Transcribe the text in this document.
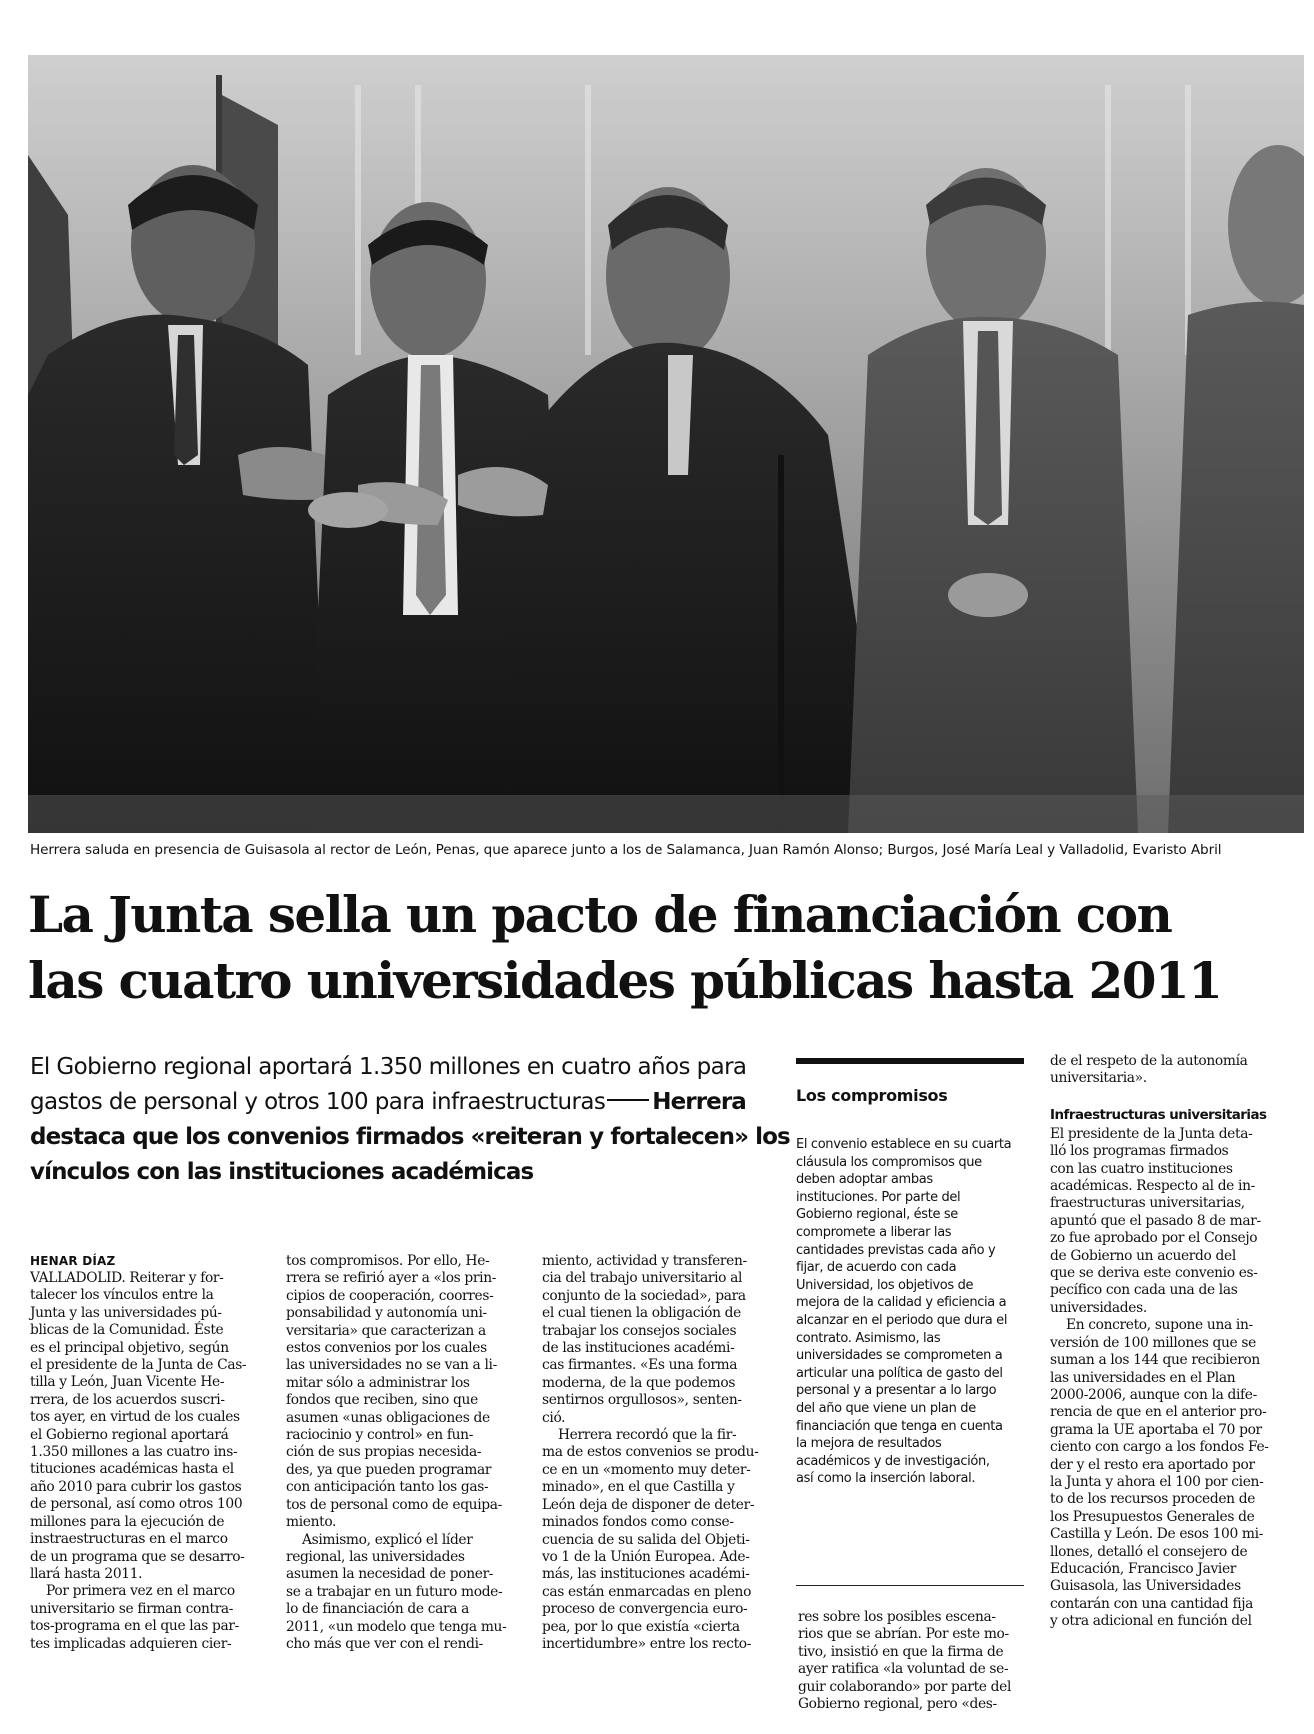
Herrera saluda en presencia de Guisasola al rector de León, Penas, que aparece junto a los de Salamanca, Juan Ramón Alonso; Burgos, José María Leal y Valladolid, Evaristo Abril
La Junta sella un pacto de financiación con
las cuatro universidades públicas hasta 2011
El Gobierno regional aportará 1.350 millones en cuatro años para
gastos de personal y otros 100 para infraestructuras Herrera
destaca que los convenios firmados «reiteran y fortalecen» los
vínculos con las instituciones académicas
HENAR DÍAZ
VALLADOLID. Reiterar y for-
talecer los vínculos entre la
Junta y las universidades pú-
blicas de la Comunidad. Éste
es el principal objetivo, según
el presidente de la Junta de Cas-
tilla y León, Juan Vicente He-
rrera, de los acuerdos suscri-
tos ayer, en virtud de los cuales
el Gobierno regional aportará
1.350 millones a las cuatro ins-
tituciones académicas hasta el
año 2010 para cubrir los gastos
de personal, así como otros 100
millones para la ejecución de
instraestructuras en el marco
de un programa que se desarro-
llará hasta 2011.
Por primera vez en el marco
universitario se firman contra-
tos-programa en el que las par-
tes implicadas adquieren cier-
tos compromisos. Por ello, He-
rrera se refirió ayer a «los prin-
cipios de cooperación, coorres-
ponsabilidad y autonomía uni-
versitaria» que caracterizan a
estos convenios por los cuales
las universidades no se van a li-
mitar sólo a administrar los
fondos que reciben, sino que
asumen «unas obligaciones de
raciocinio y control» en fun-
ción de sus propias necesida-
des, ya que pueden programar
con anticipación tanto los gas-
tos de personal como de equipa-
miento.
Asimismo, explicó el líder
regional, las universidades
asumen la necesidad de poner-
se a trabajar en un futuro mode-
lo de financiación de cara a
2011, «un modelo que tenga mu-
cho más que ver con el rendi-
miento, actividad y transferen-
cia del trabajo universitario al
conjunto de la sociedad», para
el cual tienen la obligación de
trabajar los consejos sociales
de las instituciones académi-
cas firmantes. «Es una forma
moderna, de la que podemos
sentirnos orgullosos», senten-
ció.
Herrera recordó que la fir-
ma de estos convenios se produ-
ce en un «momento muy deter-
minado», en el que Castilla y
León deja de disponer de deter-
minados fondos como conse-
cuencia de su salida del Objeti-
vo 1 de la Unión Europea. Ade-
más, las instituciones académi-
cas están enmarcadas en pleno
proceso de convergencia euro-
pea, por lo que existía «cierta
incertidumbre» entre los recto-
res sobre los posibles escena-
rios que se abrían. Por este mo-
tivo, insistió en que la firma de
ayer ratifica «la voluntad de se-
guir colaborando» por parte del
Gobierno regional, pero «des-
de el respeto de la autonomía
universitaria».
Infraestructuras universitarias
El presidente de la Junta deta-
lló los programas firmados
con las cuatro instituciones
académicas. Respecto al de in-
fraestructuras universitarias,
apuntó que el pasado 8 de mar-
zo fue aprobado por el Consejo
de Gobierno un acuerdo del
que se deriva este convenio es-
pecífico con cada una de las
universidades.
En concreto, supone una in-
versión de 100 millones que se
suman a los 144 que recibieron
las universidades en el Plan
2000-2006, aunque con la dife-
rencia de que en el anterior pro-
grama la UE aportaba el 70 por
ciento con cargo a los fondos Fe-
der y el resto era aportado por
la Junta y ahora el 100 por cien-
to de los recursos proceden de
los Presupuestos Generales de
Castilla y León. De esos 100 mi-
llones, detalló el consejero de
Educación, Francisco Javier
Guisasola, las Universidades
contarán con una cantidad fija
y otra adicional en función del
Los compromisos
El convenio establece en su cuarta
cláusula los compromisos que
deben adoptar ambas
instituciones. Por parte del
Gobierno regional, éste se
compromete a liberar las
cantidades previstas cada año y
fijar, de acuerdo con cada
Universidad, los objetivos de
mejora de la calidad y eficiencia a
alcanzar en el periodo que dura el
contrato. Asimismo, las
universidades se comprometen a
articular una política de gasto del
personal y a presentar a lo largo
del año que viene un plan de
financiación que tenga en cuenta
la mejora de resultados
académicos y de investigación,
así como la inserción laboral.
